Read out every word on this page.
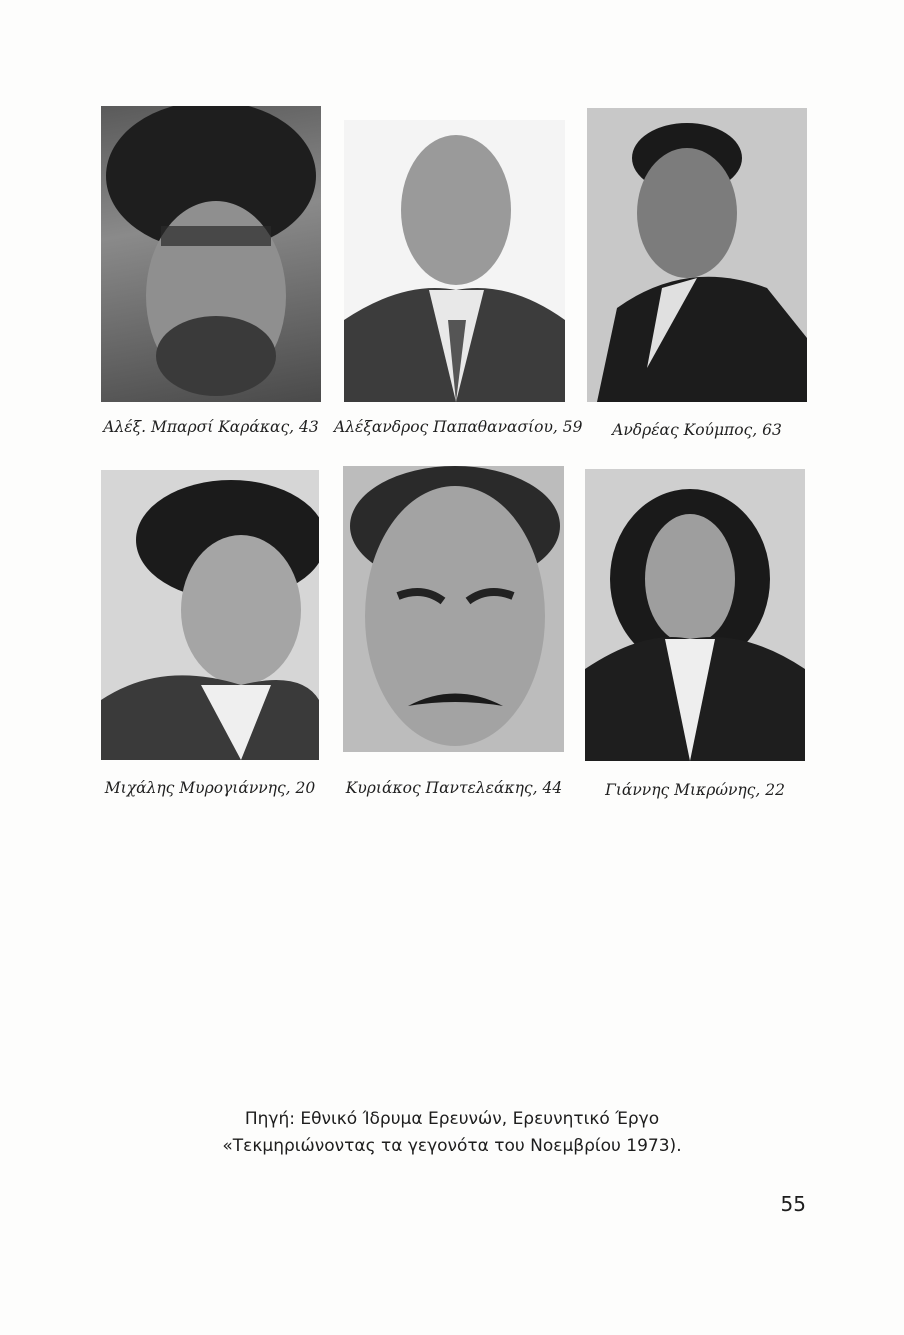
Αλέξ. Μπαρσί Καράκας, 43 Αλέξανδρος Παπαθανασίου, 59	Ανδρέας Κούμπος, 63
Μιχάλης Μυρογιάννης, 20	Κυριάκος Παντελεάκης, 44	Γιάννης Μικρώνης, 22
Πηγή: Εθνικό Ίδρυμα Ερευνών, Ερευνητικό Έργο
«Τεκμηριώνοντας τα γεγονότα του Νοεμβρίου 1973).
55
